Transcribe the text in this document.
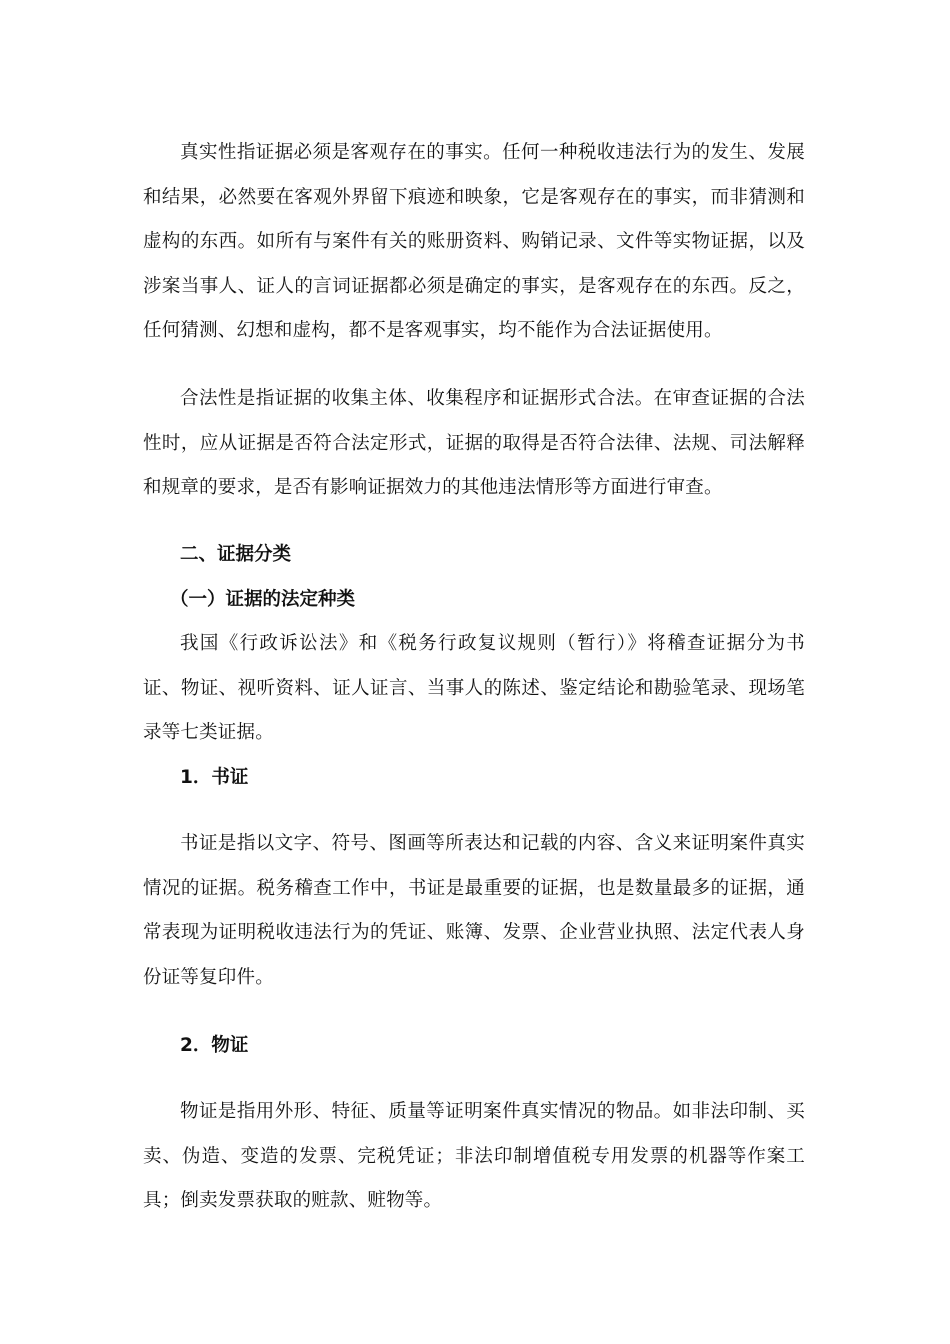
真实性指证据必须是客观存在的事实。任何一种税收违法行为的发生、发展和结果，必然要在客观外界留下痕迹和映象，它是客观存在的事实，而非猜测和虚构的东西。如所有与案件有关的账册资料、购销记录、文件等实物证据，以及涉案当事人、证人的言词证据都必须是确定的事实，是客观存在的东西。反之，任何猜测、幻想和虚构，都不是客观事实，均不能作为合法证据使用。

合法性是指证据的收集主体、收集程序和证据形式合法。在审查证据的合法性时，应从证据是否符合法定形式，证据的取得是否符合法律、法规、司法解释和规章的要求，是否有影响证据效力的其他违法情形等方面进行审查。

二、证据分类
（一）证据的法定种类

我国《行政诉讼法》和《税务行政复议规则（暂行）》将稽查证据分为书证、物证、视听资料、证人证言、当事人的陈述、鉴定结论和勘验笔录、现场笔录等七类证据。

1．书证

书证是指以文字、符号、图画等所表达和记载的内容、含义来证明案件真实情况的证据。税务稽查工作中，书证是最重要的证据，也是数量最多的证据，通常表现为证明税收违法行为的凭证、账簿、发票、企业营业执照、法定代表人身份证等复印件。

2．物证

物证是指用外形、特征、质量等证明案件真实情况的物品。如非法印制、买卖、伪造、变造的发票、完税凭证；非法印制增值税专用发票的机器等作案工具；倒卖发票获取的赃款、赃物等。
